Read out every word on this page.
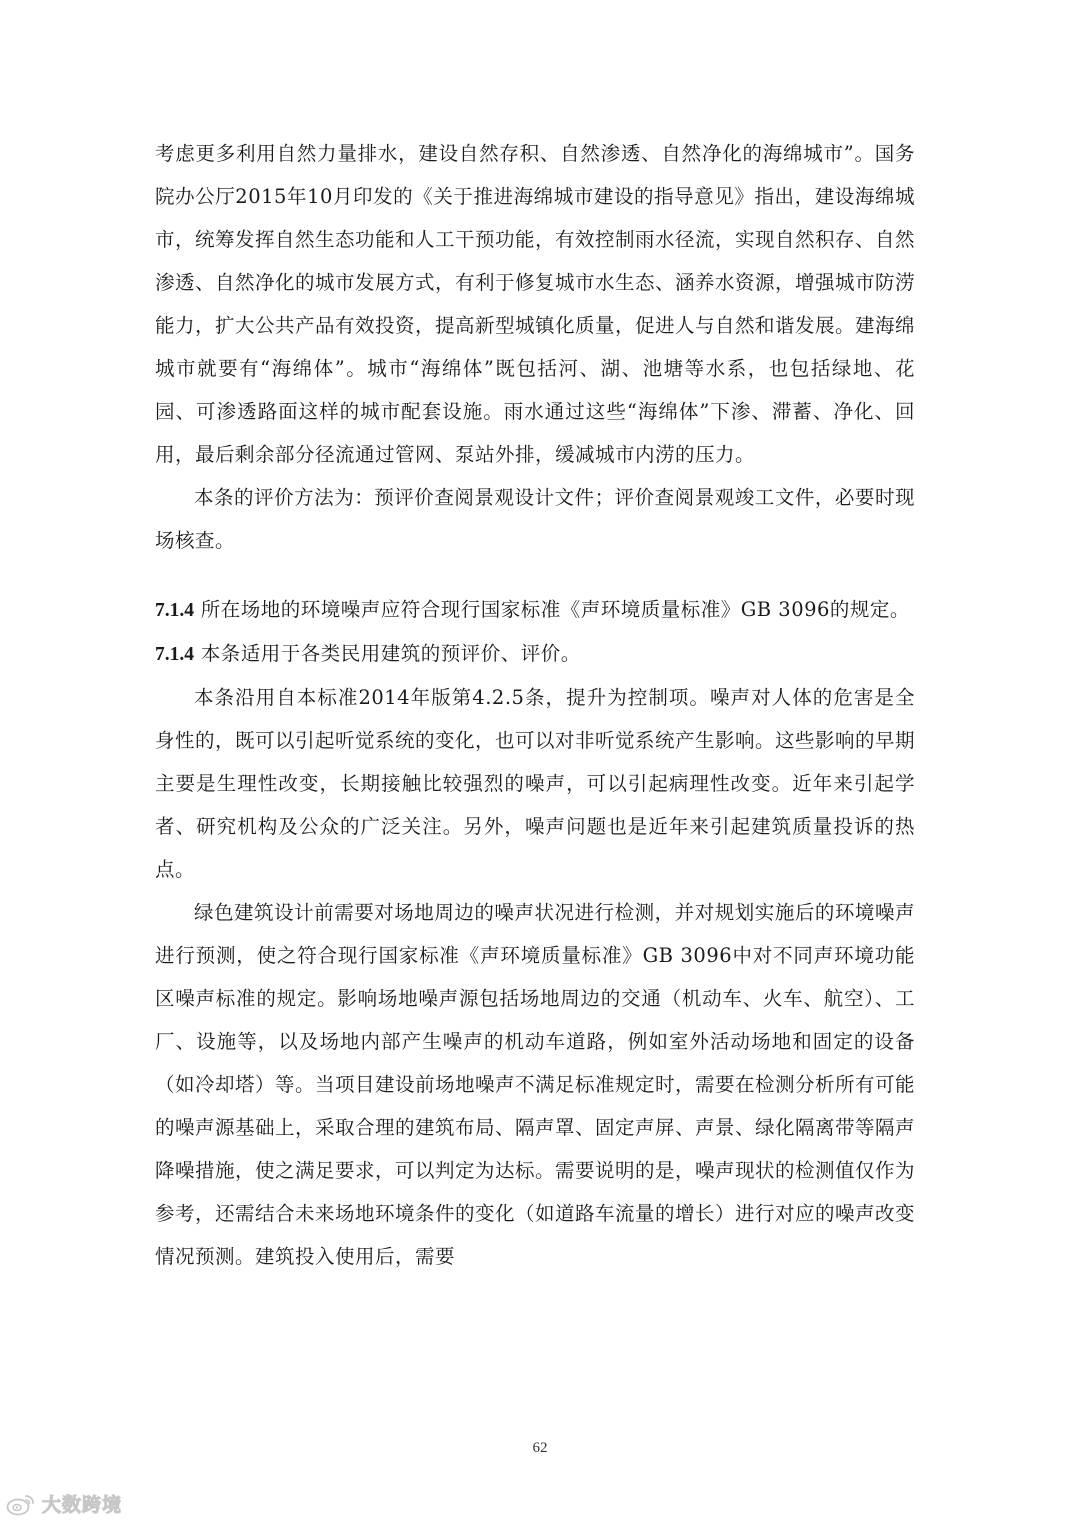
考虑更多利用自然力量排水，建设自然存积、自然渗透、自然净化的海绵城市”。国务院办公厅2015年10月印发的《关于推进海绵城市建设的指导意见》指出，建设海绵城市，统筹发挥自然生态功能和人工干预功能，有效控制雨水径流，实现自然积存、自然渗透、自然净化的城市发展方式，有利于修复城市水生态、涵养水资源，增强城市防涝能力，扩大公共产品有效投资，提高新型城镇化质量，促进人与自然和谐发展。建海绵城市就要有“海绵体”。城市“海绵体”既包括河、湖、池塘等水系，也包括绿地、花园、可渗透路面这样的城市配套设施。雨水通过这些“海绵体”下渗、滞蓄、净化、回用，最后剩余部分径流通过管网、泵站外排，缓减城市内涝的压力。

本条的评价方法为：预评价查阅景观设计文件；评价查阅景观竣工文件，必要时现场核查。

7.1.4 所在场地的环境噪声应符合现行国家标准《声环境质量标准》GB 3096的规定。

7.1.4 本条适用于各类民用建筑的预评价、评价。

本条沿用自本标准2014年版第4.2.5条，提升为控制项。噪声对人体的危害是全身性的，既可以引起听觉系统的变化，也可以对非听觉系统产生影响。这些影响的早期主要是生理性改变，长期接触比较强烈的噪声，可以引起病理性改变。近年来引起学者、研究机构及公众的广泛关注。另外，噪声问题也是近年来引起建筑质量投诉的热点。

绿色建筑设计前需要对场地周边的噪声状况进行检测，并对规划实施后的环境噪声进行预测，使之符合现行国家标准《声环境质量标准》GB 3096中对不同声环境功能区噪声标准的规定。影响场地噪声源包括场地周边的交通（机动车、火车、航空）、工厂、设施等，以及场地内部产生噪声的机动车道路，例如室外活动场地和固定的设备（如冷却塔）等。当项目建设前场地噪声不满足标准规定时，需要在检测分析所有可能的噪声源基础上，采取合理的建筑布局、隔声罩、固定声屏、声景、绿化隔离带等隔声降噪措施，使之满足要求，可以判定为达标。需要说明的是，噪声现状的检测值仅作为参考，还需结合未来场地环境条件的变化（如道路车流量的增长）进行对应的噪声改变情况预测。建筑投入使用后，需要

62
大数跨境
